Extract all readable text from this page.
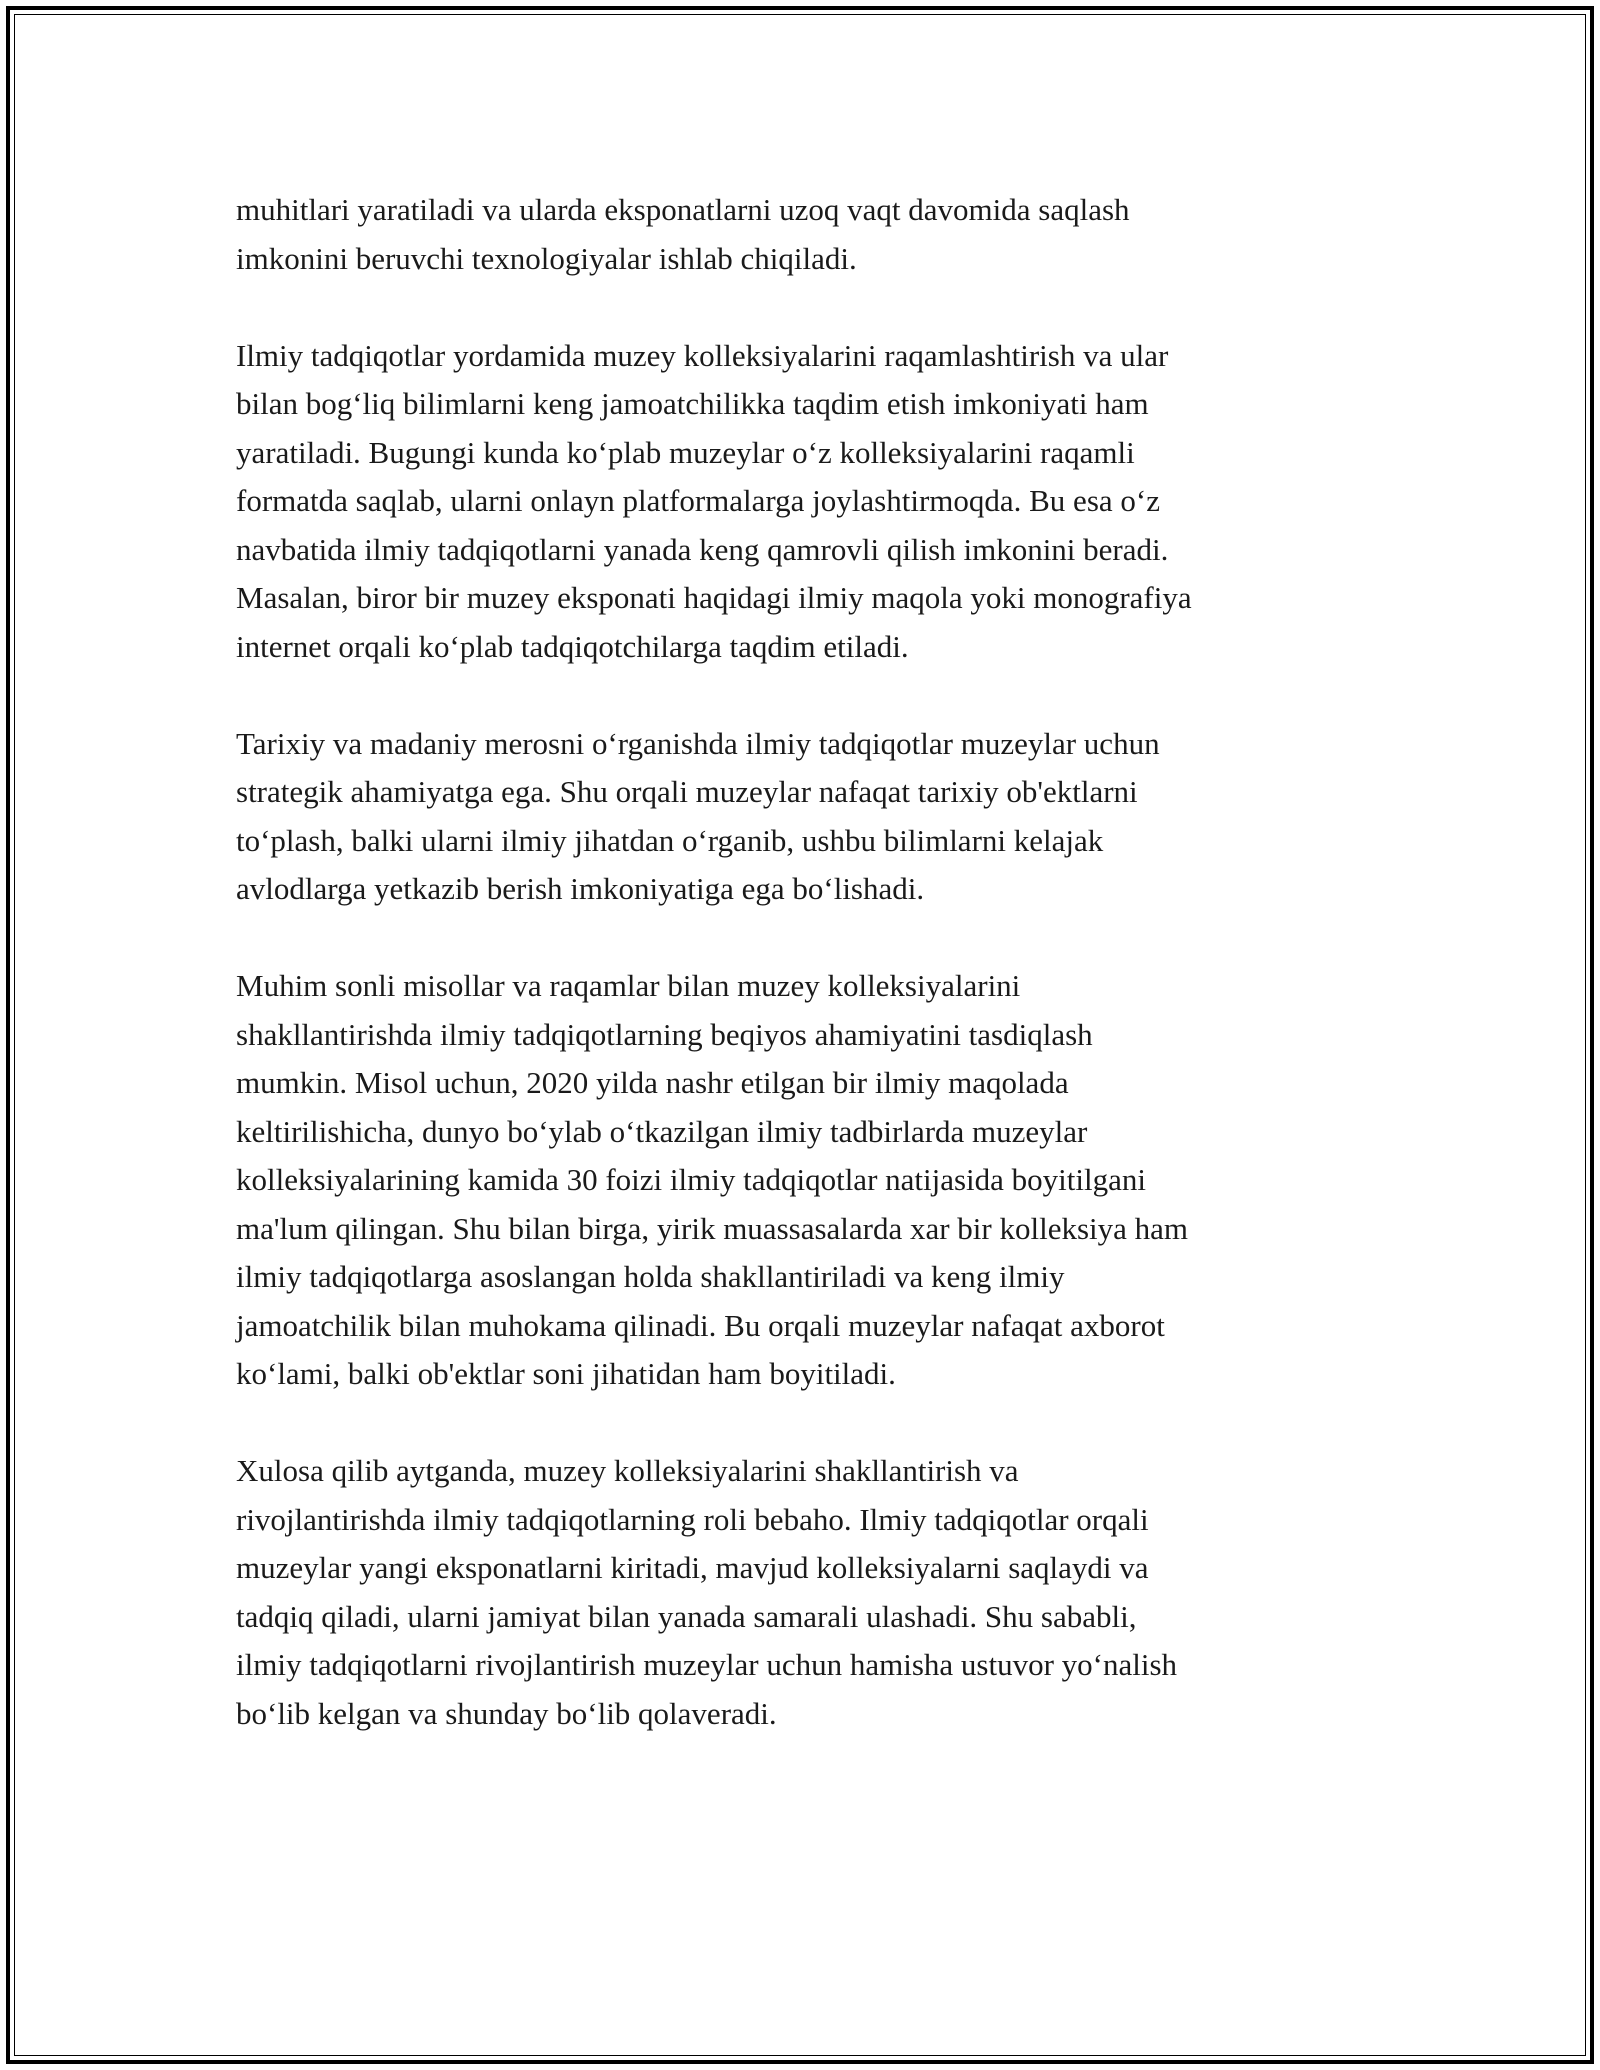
muhitlari yaratiladi va ularda eksponatlarni uzoq vaqt davomida saqlash
imkonini beruvchi texnologiyalar ishlab chiqiladi.

Ilmiy tadqiqotlar yordamida muzey kolleksiyalarini raqamlashtirish va ular
bilan bog‘liq bilimlarni keng jamoatchilikka taqdim etish imkoniyati ham
yaratiladi. Bugungi kunda ko‘plab muzeylar o‘z kolleksiyalarini raqamli
formatda saqlab, ularni onlayn platformalarga joylashtirmoqda. Bu esa o‘z
navbatida ilmiy tadqiqotlarni yanada keng qamrovli qilish imkonini beradi.
Masalan, biror bir muzey eksponati haqidagi ilmiy maqola yoki monografiya
internet orqali ko‘plab tadqiqotchilarga taqdim etiladi.

Tarixiy va madaniy merosni o‘rganishda ilmiy tadqiqotlar muzeylar uchun
strategik ahamiyatga ega. Shu orqali muzeylar nafaqat tarixiy ob'ektlarni
to‘plash, balki ularni ilmiy jihatdan o‘rganib, ushbu bilimlarni kelajak
avlodlarga yetkazib berish imkoniyatiga ega bo‘lishadi.

Muhim sonli misollar va raqamlar bilan muzey kolleksiyalarini
shakllantirishda ilmiy tadqiqotlarning beqiyos ahamiyatini tasdiqlash
mumkin. Misol uchun, 2020 yilda nashr etilgan bir ilmiy maqolada
keltirilishicha, dunyo bo‘ylab o‘tkazilgan ilmiy tadbirlarda muzeylar
kolleksiyalarining kamida 30 foizi ilmiy tadqiqotlar natijasida boyitilgani
ma'lum qilingan. Shu bilan birga, yirik muassasalarda xar bir kolleksiya ham
ilmiy tadqiqotlarga asoslangan holda shakllantiriladi va keng ilmiy
jamoatchilik bilan muhokama qilinadi. Bu orqali muzeylar nafaqat axborot
ko‘lami, balki ob'ektlar soni jihatidan ham boyitiladi.

Xulosa qilib aytganda, muzey kolleksiyalarini shakllantirish va
rivojlantirishda ilmiy tadqiqotlarning roli bebaho. Ilmiy tadqiqotlar orqali
muzeylar yangi eksponatlarni kiritadi, mavjud kolleksiyalarni saqlaydi va
tadqiq qiladi, ularni jamiyat bilan yanada samarali ulashadi. Shu sababli,
ilmiy tadqiqotlarni rivojlantirish muzeylar uchun hamisha ustuvor yo‘nalish
bo‘lib kelgan va shunday bo‘lib qolaveradi.
